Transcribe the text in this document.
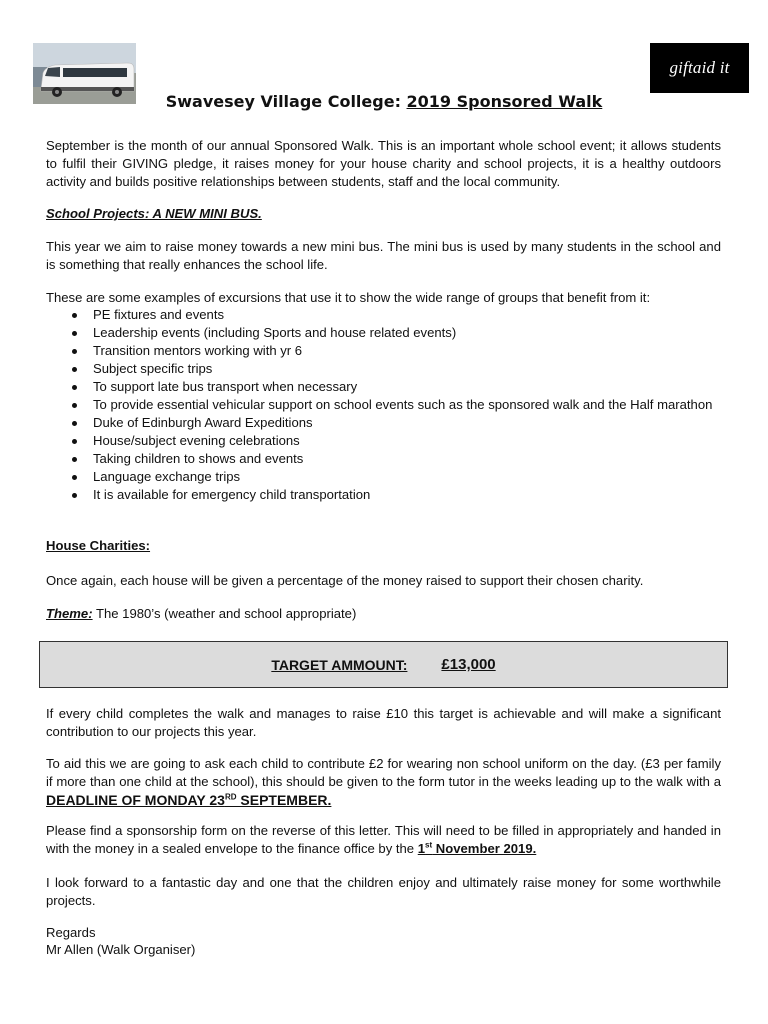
giftaid it
Swavesey Village College: 2019 Sponsored Walk
September is the month of our annual Sponsored Walk. This is an important whole school event; it allows students to fulfil their GIVING pledge, it raises money for your house charity and school projects, it is a healthy outdoors activity and builds positive relationships between students, staff and the local community.
School Projects: A NEW MINI BUS.
This year we aim to raise money towards a new mini bus. The mini bus is used by many students in the school and is something that really enhances the school life.
These are some examples of excursions that use it to show the wide range of groups that benefit from it:
PE fixtures and events
Leadership events (including Sports and house related events)
Transition mentors working with yr 6
Subject specific trips
To support late bus transport when necessary
To provide essential vehicular support on school events such as the sponsored walk and the Half marathon
Duke of Edinburgh Award Expeditions
House/subject evening celebrations
Taking children to shows and events
Language exchange trips
It is available for emergency child transportation
House Charities:
Once again, each house will be given a percentage of the money raised to support their chosen charity.
Theme: The 1980’s (weather and school appropriate)
TARGET AMMOUNT: £13,000
If every child completes the walk and manages to raise £10 this target is achievable and will make a significant contribution to our projects this year.
To aid this we are going to ask each child to contribute £2 for wearing non school uniform on the day. (£3 per family if more than one child at the school), this should be given to the form tutor in the weeks leading up to the walk with a DEADLINE OF MONDAY 23RD SEPTEMBER.
Please find a sponsorship form on the reverse of this letter. This will need to be filled in appropriately and handed in with the money in a sealed envelope to the finance office by the 1st November 2019.
I look forward to a fantastic day and one that the children enjoy and ultimately raise money for some worthwhile projects.
Regards
Mr Allen (Walk Organiser)
